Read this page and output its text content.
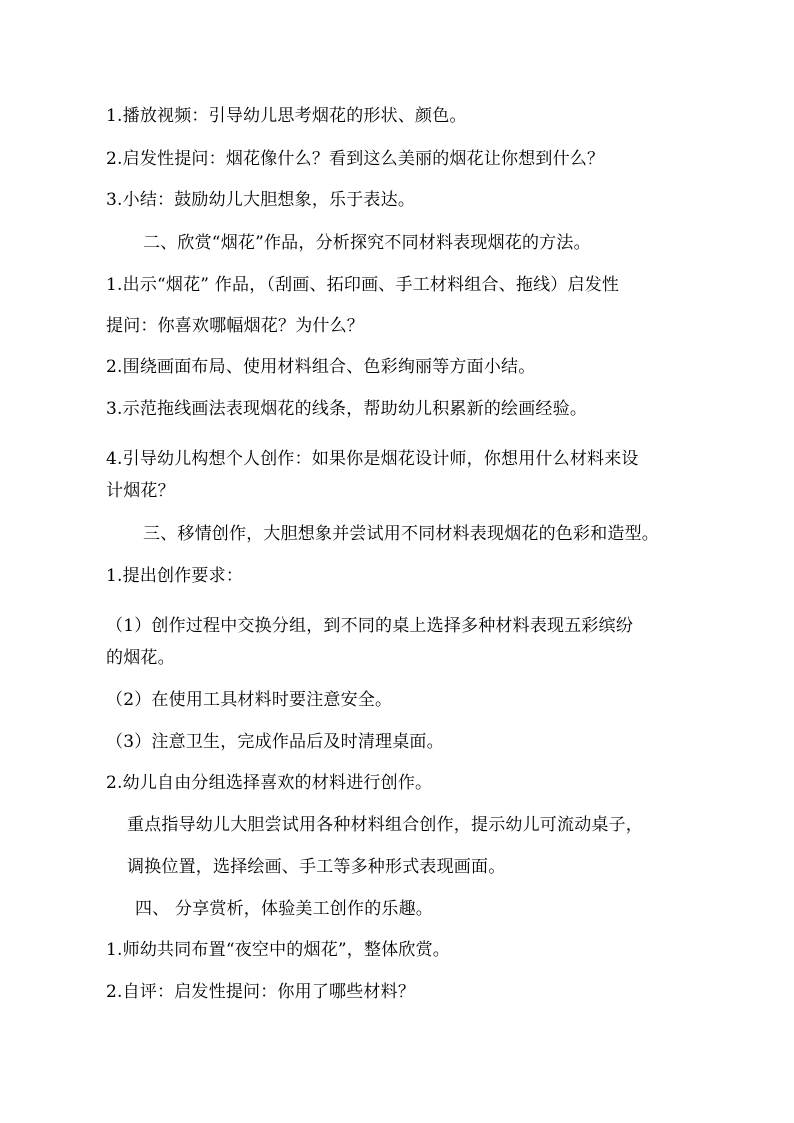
1.播放视频：引导幼儿思考烟花的形状、颜色。
2.启发性提问：烟花像什么？看到这么美丽的烟花让你想到什么？
3.小结：鼓励幼儿大胆想象，乐于表达。
二、欣赏“烟花”作品，分析探究不同材料表现烟花的方法。
1.出示“烟花” 作品，（刮画、拓印画、手工材料组合、拖线）启发性
提问：你喜欢哪幅烟花？为什么？
2.围绕画面布局、使用材料组合、色彩绚丽等方面小结。
3.示范拖线画法表现烟花的线条，帮助幼儿积累新的绘画经验。
4.引导幼儿构想个人创作：如果你是烟花设计师，你想用什么材料来设
计烟花？
三、移情创作，大胆想象并尝试用不同材料表现烟花的色彩和造型。
1.提出创作要求：
（1）创作过程中交换分组，到不同的桌上选择多种材料表现五彩缤纷
的烟花。
（2）在使用工具材料时要注意安全。
（3）注意卫生，完成作品后及时清理桌面。
2.幼儿自由分组选择喜欢的材料进行创作。
重点指导幼儿大胆尝试用各种材料组合创作，提示幼儿可流动桌子，
调换位置，选择绘画、手工等多种形式表现画面。
四、 分享赏析，体验美工创作的乐趣。
1.师幼共同布置“夜空中的烟花”，整体欣赏。
2.自评：启发性提问：你用了哪些材料？
